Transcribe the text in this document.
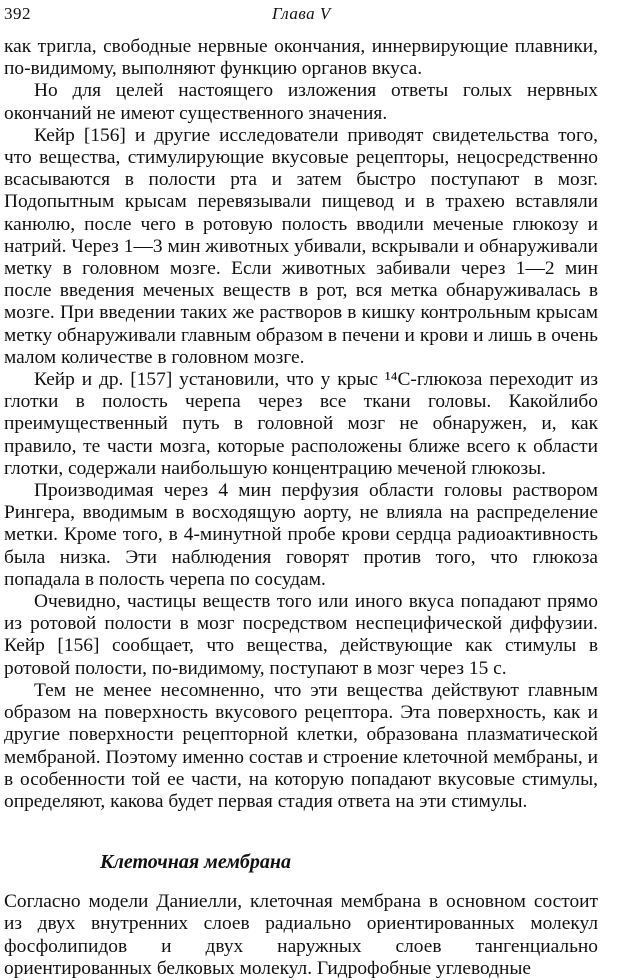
392	Глава V

как тригла, свободные нервные окончания, иннервирующие плавники, по-видимому, выполняют функцию органов вкуса.

Но для целей настоящего изложения ответы голых нервных окончаний не имеют существенного значения.

Кейр [156] и другие исследователи приводят свидетельства того, что вещества, стимулирующие вкусовые рецепторы, нецосредственно всасываются в полости рта и затем быстро поступают в мозг. Подопытным крысам перевязывали пищевод и в трахею вставляли канюлю, после чего в ротовую полость вводили меченые глюкозу и натрий. Через 1—3 мин животных убивали, вскрывали и обнаруживали метку в головном мозге. Если животных забивали через 1—2 мин после введения меченых веществ в рот, вся метка обнаруживалась в мозге. При введении таких же растворов в кишку контрольным крысам метку обнаруживали главным образом в печени и крови и лишь в очень малом количестве в головном мозге.

Кейр и др. [157] установили, что у крыс ¹⁴С-глюкоза переходит из глотки в полость черепа через все ткани головы. Какойлибо преимущественный путь в головной мозг не обнаружен, и, как правило, те части мозга, которые расположены ближе всего к области глотки, содержали наибольшую концентрацию меченой глюкозы.

Производимая через 4 мин перфузия области головы раствором Рингера, вводимым в восходящую аорту, не влияла на распределение метки. Кроме того, в 4-минутной пробе крови сердца радиоактивность была низка. Эти наблюдения говорят против того, что глюкоза попадала в полость черепа по сосудам.

Очевидно, частицы веществ того или иного вкуса попадают прямо из ротовой полости в мозг посредством неспецифической диффузии. Кейр [156] сообщает, что вещества, действующие как стимулы в ротовой полости, по-видимому, поступают в мозг через 15 с.

Тем не менее несомненно, что эти вещества действуют главным образом на поверхность вкусового рецептора. Эта поверхность, как и другие поверхности рецепторной клетки, образована плазматической мембраной. Поэтому именно состав и строение клеточной мембраны, и в особенности той ее части, на которую попадают вкусовые стимулы, определяют, какова будет первая стадия ответа на эти стимулы.

Клеточная мембрана

Согласно модели Даниелли, клеточная мембрана в основном состоит из двух внутренних слоев радиально ориентированных молекул фосфолипидов и двух наружных слоев тангенциально ориентированных белковых молекул. Гидрофобные углеводные
